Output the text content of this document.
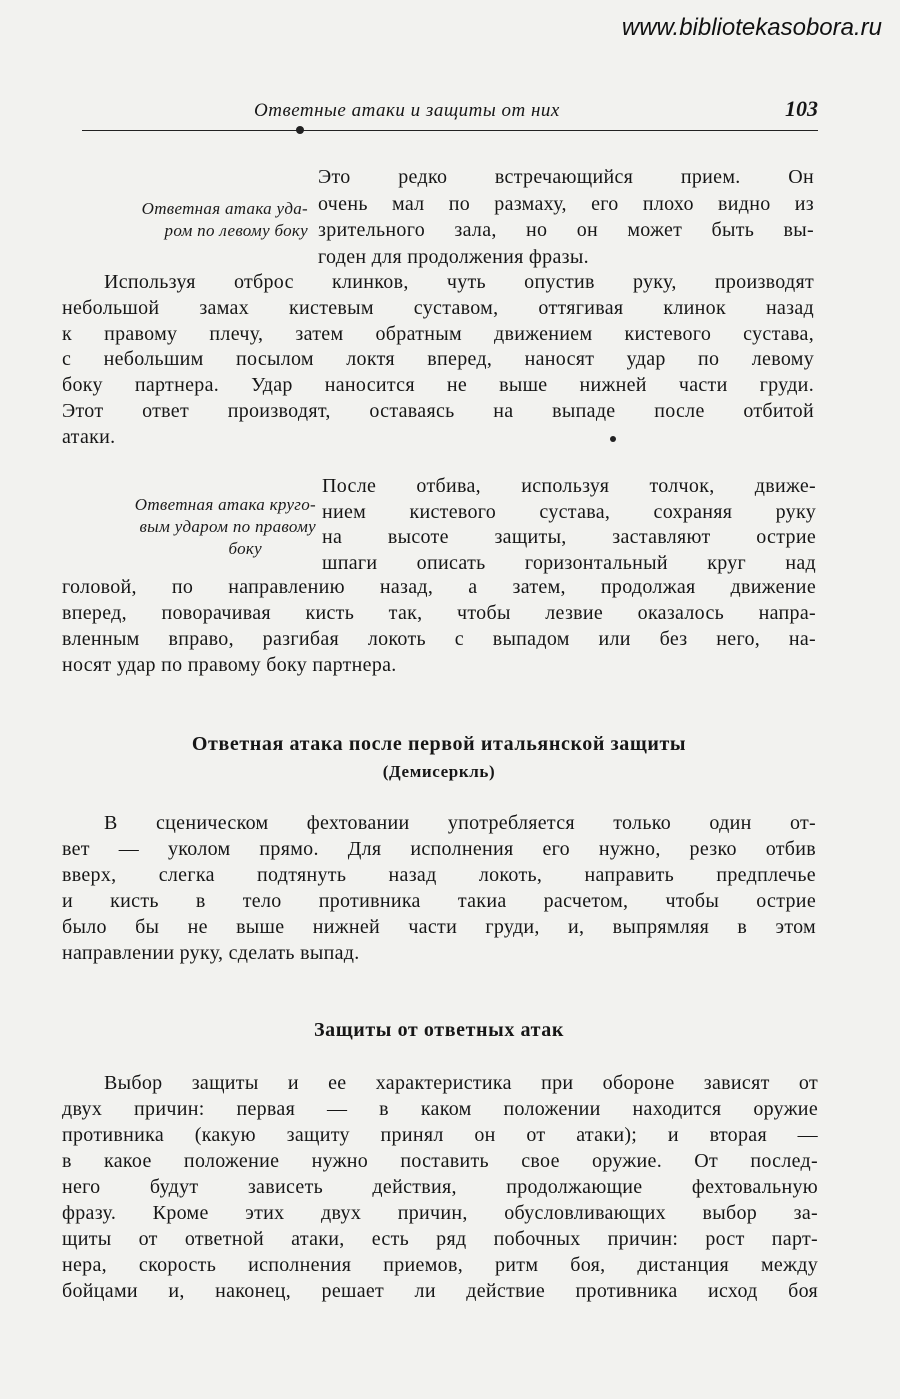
www.bibliotekasobora.ru
Ответные атаки и защиты от них	103
Ответная атака уда-
ром по левому боку
Это редко встречающийся прием. Он
очень мал по размаху, его плохо видно из
зрительного зала, но он может быть вы-
годен для продолжения фразы.
Используя отброс клинков, чуть опустив руку, производят
небольшой замах кистевым суставом, оттягивая клинок назад
к правому плечу, затем обратным движением кистевого сустава,
с небольшим посылом локтя вперед, наносят удар по левому
боку партнера. Удар наносится не выше нижней части груди.
Этот ответ производят, оставаясь на выпаде после отбитой
атаки.
Ответная атака круго-
вым ударом по правому
боку
После отбива, используя толчок, движе-
нием кистевого сустава, сохраняя руку
на высоте защиты, заставляют острие
шпаги описать горизонтальный круг над
головой, по направлению назад, а затем, продолжая движение
вперед, поворачивая кисть так, чтобы лезвие оказалось напра-
вленным вправо, разгибая локоть с выпадом или без него, на-
носят удар по правому боку партнера.
Ответная атака после первой итальянской защиты
(Демисеркль)
В сценическом фехтовании употребляется только один от-
вет — уколом прямо. Для исполнения его нужно, резко отбив
вверх, слегка подтянуть назад локоть, направить предплечье
и кисть в тело противника такиа расчетом, чтобы острие
было бы не выше нижней части груди, и, выпрямляя в этом
направлении руку, сделать выпад.
Защиты от ответных атак
Выбор защиты и ее характеристика при обороне зависят от
двух причин: первая — в каком положении находится оружие
противника (какую защиту принял он от атаки); и вторая —
в какое положение нужно поставить свое оружие. От послед-
него будут зависеть действия, продолжающие фехтовальную
фразу. Кроме этих двух причин, обусловливающих выбор за-
щиты от ответной атаки, есть ряд побочных причин: рост парт-
нера, скорость исполнения приемов, ритм боя, дистанция между
бойцами и, наконец, решает ли действие противника исход боя
